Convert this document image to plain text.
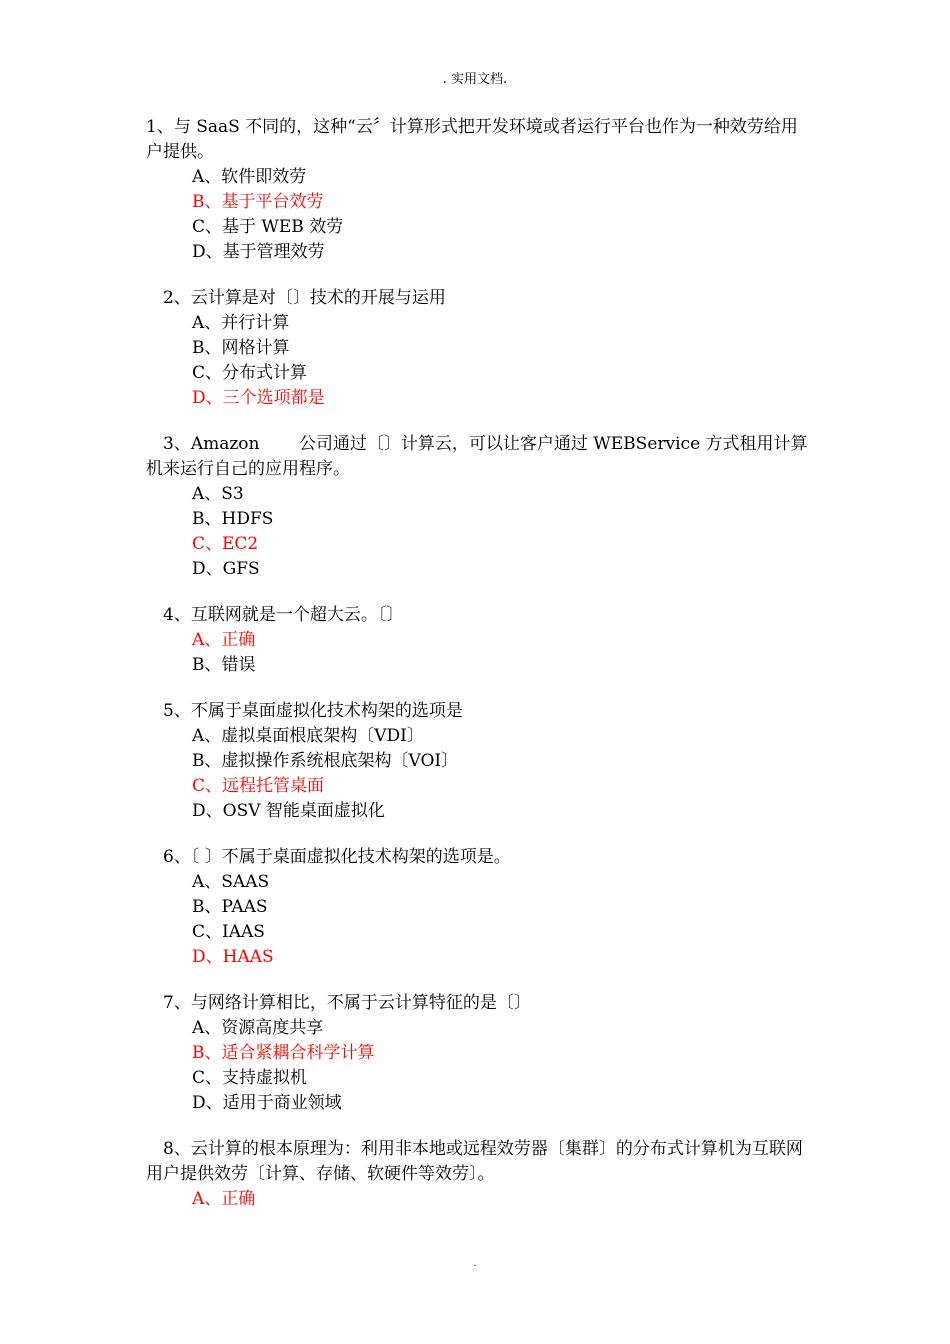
. 实用文档.

1、与 SaaS 不同的，这种“云〞计算形式把开发环境或者运行平台也作为一种效劳给用户提供。

A、软件即效劳
B、基于平台效劳
C、基于 WEB 效劳
D、基于管理效劳

2、云计算是对〔〕技术的开展与运用

A、并行计算
B、网格计算
C、分布式计算
D、三个选项都是

3、Amazon 　　公司通过〔〕计算云，可以让客户通过 WEBService 方式租用计算机来运行自己的应用程序。

A、S3
B、HDFS
C、EC2
D、GFS

4、互联网就是一个超大云。〔〕

A、正确
B、错误

5、不属于桌面虚拟化技术构架的选项是

A、虚拟桌面根底架构〔VDI〕
B、虚拟操作系统根底架构〔VOI〕
C、远程托管桌面
D、OSV 智能桌面虚拟化

6、〔 〕不属于桌面虚拟化技术构架的选项是。

A、SAAS
B、PAAS
C、IAAS
D、HAAS

7、与网络计算相比，不属于云计算特征的是〔〕

A、资源高度共享
B、适合紧耦合科学计算
C、支持虚拟机
D、适用于商业领域

8、云计算的根本原理为：利用非本地或远程效劳器〔集群〕的分布式计算机为互联网用户提供效劳〔计算、存储、软硬件等效劳〕。

A、正确
.
